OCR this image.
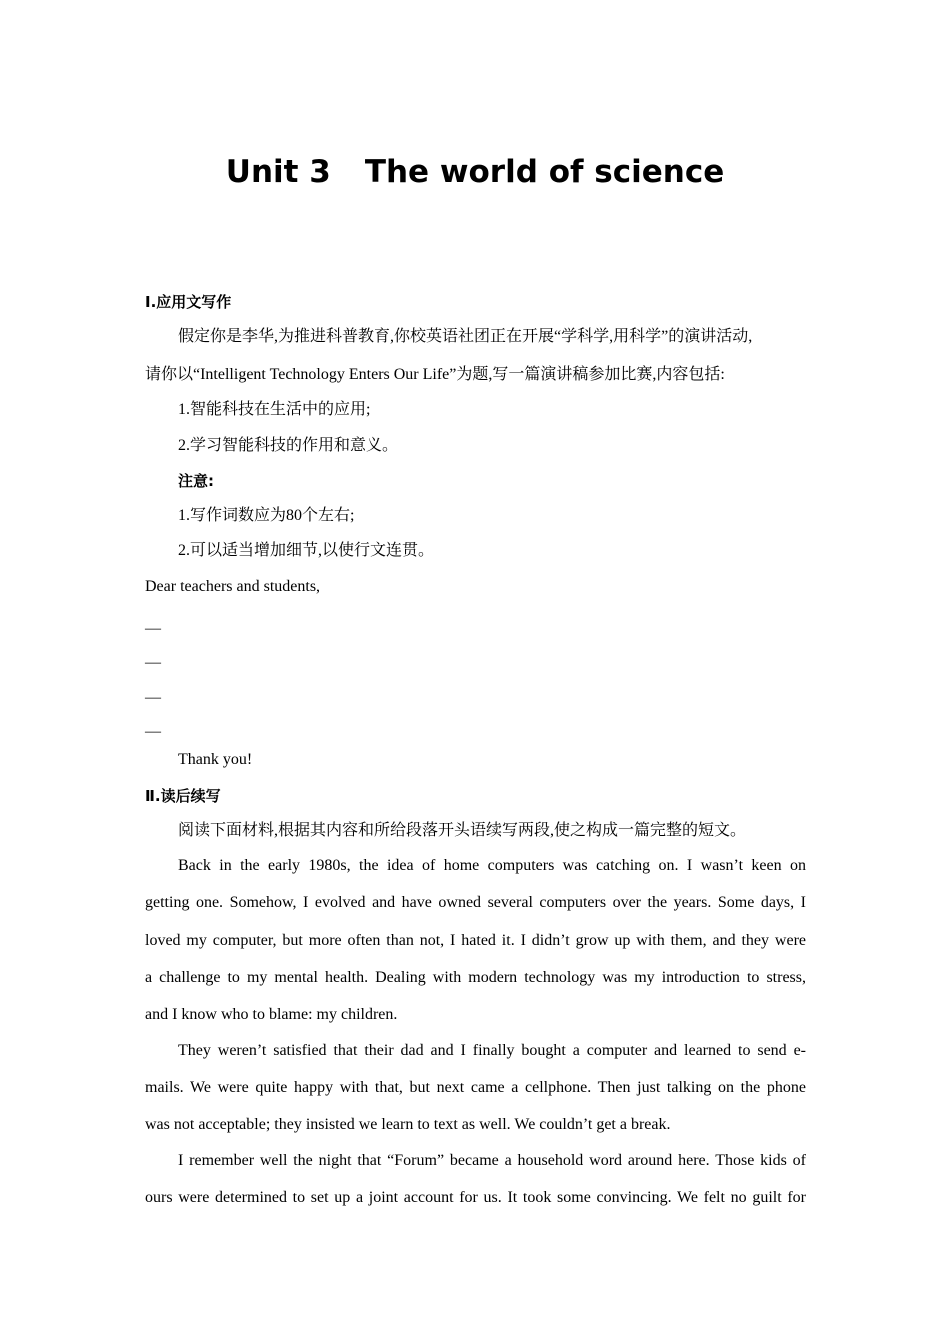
Unit 3 The world of science
Ⅰ.应用文写作
假定你是李华,为推进科普教育,你校英语社团正在开展“学科学,用科学”的演讲活动,
请你以“Intelligent Technology Enters Our Life”为题,写一篇演讲稿参加比赛,内容包括:
1.智能科技在生活中的应用;
2.学习智能科技的作用和意义。
注意:
1.写作词数应为80个左右;
2.可以适当增加细节,以使行文连贯。
Dear teachers and students,
—
—
—
—
Thank you!
Ⅱ.读后续写
阅读下面材料,根据其内容和所给段落开头语续写两段,使之构成一篇完整的短文。
Back in the early 1980s, the idea of home computers was catching on. I wasn’t keen on
getting one. Somehow, I evolved and have owned several computers over the years. Some days, I
loved my computer, but more often than not, I hated it. I didn’t grow up with them, and they were
a challenge to my mental health. Dealing with modern technology was my introduction to stress,
and I know who to blame: my children.
They weren’t satisfied that their dad and I finally bought a computer and learned to send e-
mails. We were quite happy with that, but next came a cellphone. Then just talking on the phone
was not acceptable; they insisted we learn to text as well. We couldn’t get a break.
I remember well the night that “Forum” became a household word around here. Those kids of
ours were determined to set up a joint account for us. It took some convincing. We felt no guilt for
